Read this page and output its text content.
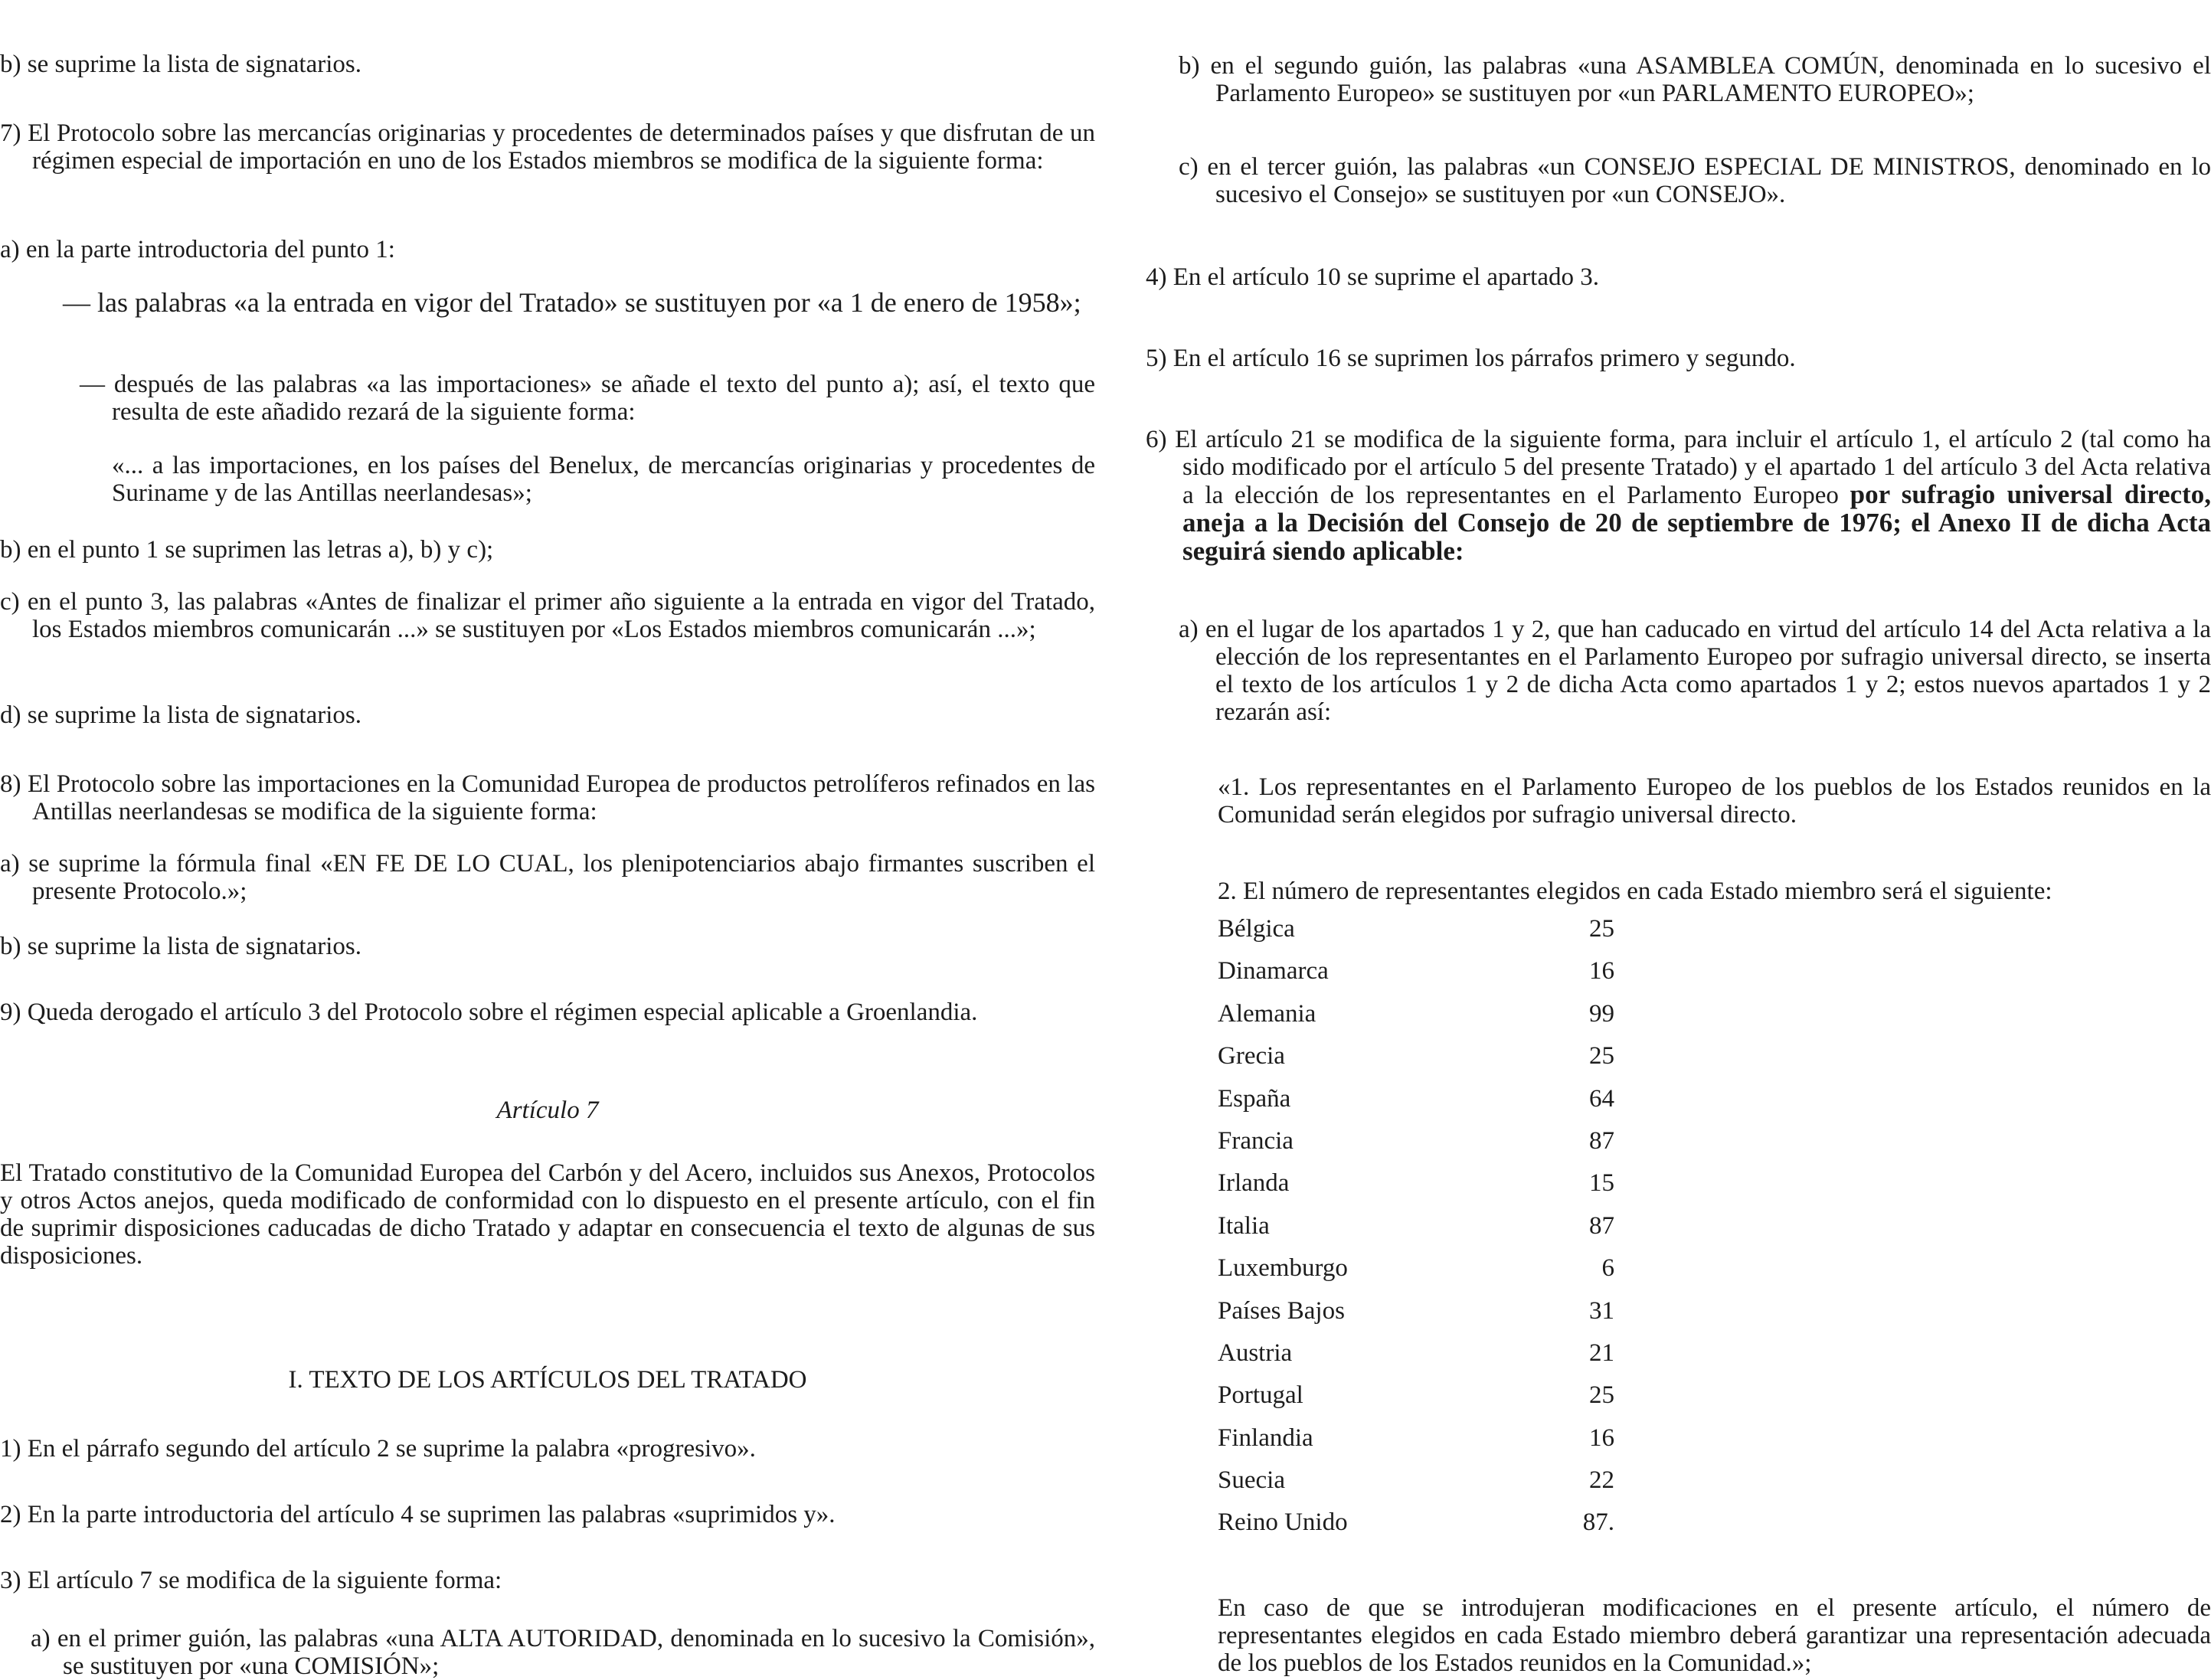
b) se suprime la lista de signatarios.

7) El Protocolo sobre las mercancías originarias y procedentes de determinados países y que disfrutan de un régimen especial de importación en uno de los Estados miembros se modifica de la siguiente forma:

a) en la parte introductoria del punto 1:

— las palabras «a la entrada en vigor del Tratado» se sustituyen por «a 1 de enero de 1958»;

— después de las palabras «a las importaciones» se añade el texto del punto a); así, el texto que resulta de este añadido rezará de la siguiente forma:

«... a las importaciones, en los países del Benelux, de mercancías originarias y procedentes de Suriname y de las Antillas neerlandesas»;

b) en el punto 1 se suprimen las letras a), b) y c);

c) en el punto 3, las palabras «Antes de finalizar el primer año siguiente a la entrada en vigor del Tratado, los Estados miembros comunicarán ...» se sustituyen por «Los Estados miembros comunicarán ...»;

d) se suprime la lista de signatarios.

8) El Protocolo sobre las importaciones en la Comunidad Europea de productos petrolíferos refinados en las Antillas neerlandesas se modifica de la siguiente forma:

a) se suprime la fórmula final «EN FE DE LO CUAL, los plenipotenciarios abajo firmantes suscriben el presente Protocolo.»;

b) se suprime la lista de signatarios.

9) Queda derogado el artículo 3 del Protocolo sobre el régimen especial aplicable a Groenlandia.

Artículo 7

El Tratado constitutivo de la Comunidad Europea del Carbón y del Acero, incluidos sus Anexos, Protocolos y otros Actos anejos, queda modificado de conformidad con lo dispuesto en el presente artículo, con el fin de suprimir disposiciones caducadas de dicho Tratado y adaptar en consecuencia el texto de algunas de sus disposiciones.

I. TEXTO DE LOS ARTÍCULOS DEL TRATADO

1) En el párrafo segundo del artículo 2 se suprime la palabra «progresivo».

2) En la parte introductoria del artículo 4 se suprimen las palabras «suprimidos y».

3) El artículo 7 se modifica de la siguiente forma:

a) en el primer guión, las palabras «una ALTA AUTORIDAD, denominada en lo sucesivo la Comisión», se sustituyen por «una COMISIÓN»;

b) en el segundo guión, las palabras «una ASAMBLEA COMÚN, denominada en lo sucesivo el Parlamento Europeo» se sustituyen por «un PARLAMENTO EUROPEO»;

c) en el tercer guión, las palabras «un CONSEJO ESPECIAL DE MINISTROS, denominado en lo sucesivo el Consejo» se sustituyen por «un CONSEJO».

4) En el artículo 10 se suprime el apartado 3.

5) En el artículo 16 se suprimen los párrafos primero y segundo.

6) El artículo 21 se modifica de la siguiente forma, para incluir el artículo 1, el artículo 2 (tal como ha sido modificado por el artículo 5 del presente Tratado) y el apartado 1 del artículo 3 del Acta relativa a la elección de los representantes en el Parlamento Europeo por sufragio universal directo, aneja a la Decisión del Consejo de 20 de septiembre de 1976; el Anexo II de dicha Acta seguirá siendo aplicable:

a) en el lugar de los apartados 1 y 2, que han caducado en virtud del artículo 14 del Acta relativa a la elección de los representantes en el Parlamento Europeo por sufragio universal directo, se inserta el texto de los artículos 1 y 2 de dicha Acta como apartados 1 y 2; estos nuevos apartados 1 y 2 rezarán así:

«1. Los representantes en el Parlamento Europeo de los pueblos de los Estados reunidos en la Comunidad serán elegidos por sufragio universal directo.

2. El número de representantes elegidos en cada Estado miembro será el siguiente:

Bélgica	25
Dinamarca	16
Alemania	99
Grecia	25
España	64
Francia	87
Irlanda	15
Italia	87
Luxemburgo	6
Países Bajos	31
Austria	21
Portugal	25
Finlandia	16
Suecia	22
Reino Unido	87.

En caso de que se introdujeran modificaciones en el presente artículo, el número de representantes elegidos en cada Estado miembro deberá garantizar una representación adecuada de los pueblos de los Estados reunidos en la Comunidad.»;
